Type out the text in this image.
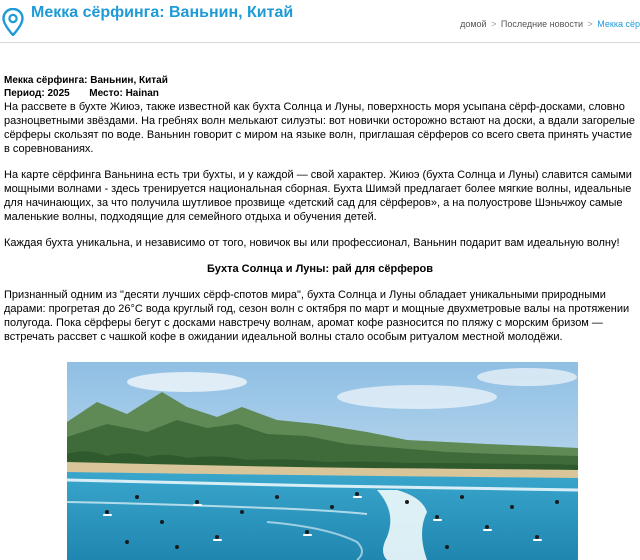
Мекка сёрфинга: Ваньнин, Китай
домой > Последние новости > Мекка сёр
Мекка сёрфинга: Ваньнин, Китай
Период: 2025 Место: Hainan

На рассвете в бухте Жиюэ, также известной как бухта Солнца и Луны, поверхность моря усыпана сёрф-досками, словно разноцветными звёздами. На гребнях волн мелькают силуэты: вот новички осторожно встают на доски, а вдали загорелые сёрферы скользят по воде. Ваньнин говорит с миром на языке волн, приглашая сёрферов со всего света принять участие в соревнованиях.

На карте сёрфинга Ваньнина есть три бухты, и у каждой — свой характер. Жиюэ (бухта Солнца и Луны) славится самыми мощными волнами - здесь тренируется национальная сборная. Бухта Шимэй предлагает более мягкие волны, идеальные для начинающих, за что получила шутливое прозвище «детский сад для сёрферов», а на полуострове Шэньчжоу самые маленькие волны, подходящие для семейного отдыха и обучения детей.

Каждая бухта уникальна, и независимо от того, новичок вы или профессионал, Ваньнин подарит вам идеальную волну!

Бухта Солнца и Луны: рай для сёрферов

Признанный одним из "десяти лучших сёрф-спотов мира", бухта Солнца и Луны обладает уникальными природными дарами: прогретая до 26°C вода круглый год, сезон волн с октября по март и мощные двухметровые валы на протяжении полугода. Пока сёрферы бегут с досками навстречу волнам, аромат кофе разносится по пляжу с морским бризом — встречать рассвет с чашкой кофе в ожидании идеальной волны стало особым ритуалом местной молодёжи.
